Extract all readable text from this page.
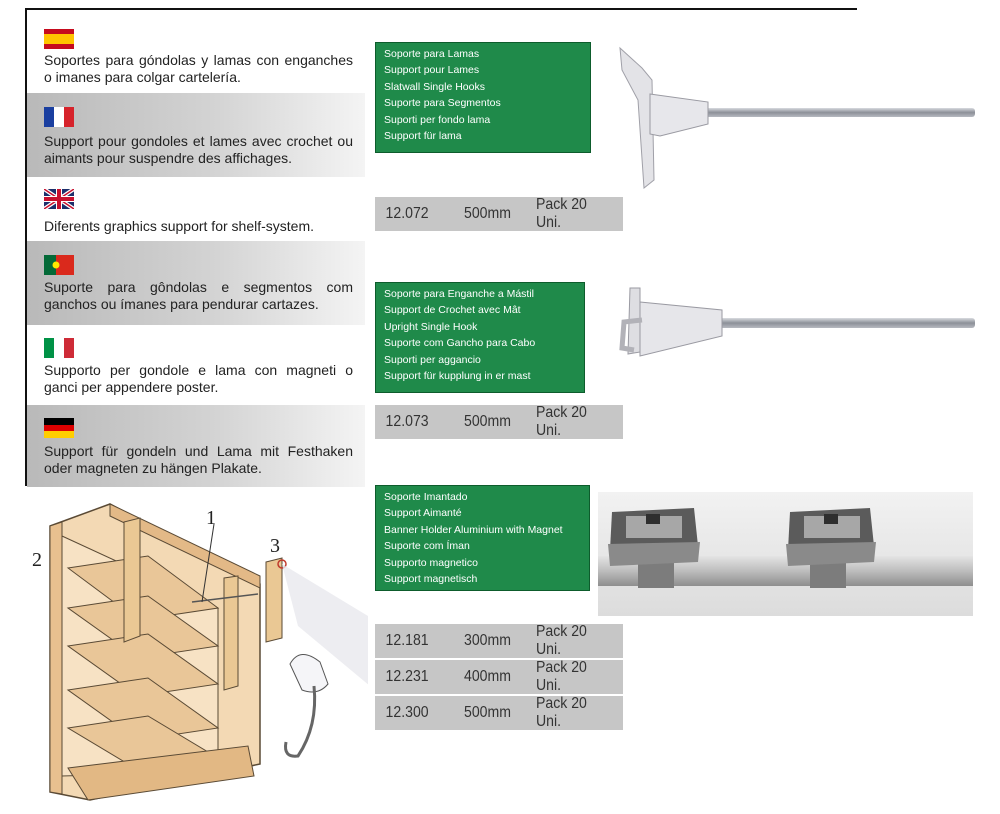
Soportes para góndolas y lamas con enganches o imanes para colgar cartelería.
Support pour gondoles et lames avec crochet ou aimants pour suspendre des affichages.
Diferents graphics support for shelf-system.
Suporte para gôndolas e segmentos com ganchos ou ímanes para pendurar cartazes.
Supporto per gondole e lama con magneti o ganci per appendere poster.
Support für gondeln und Lama mit Festhaken oder magneten zu hängen Plakate.
Soporte para Lamas
Support pour Lames
Slatwall Single Hooks
Suporte para Segmentos
Suporti per fondo lama
Support für lama
12.072	500mm
Pack 20 Uni.
Soporte para Enganche a Mástil
Support de Crochet avec Mât
Upright Single Hook
Suporte com Gancho para Cabo
Suporti per aggancio
Support für kupplung in er mast
12.073	500mm
Pack 20 Uni.
Soporte Imantado
Support Aimanté
Banner Holder Aluminium with Magnet
Suporte com Íman
Supporto magnetico
Support magnetisch
12.181	300mm
Pack 20 Uni.
12.231	400mm
Pack 20 Uni.
12.300	500mm
Pack 20 Uni.
1
2
3
